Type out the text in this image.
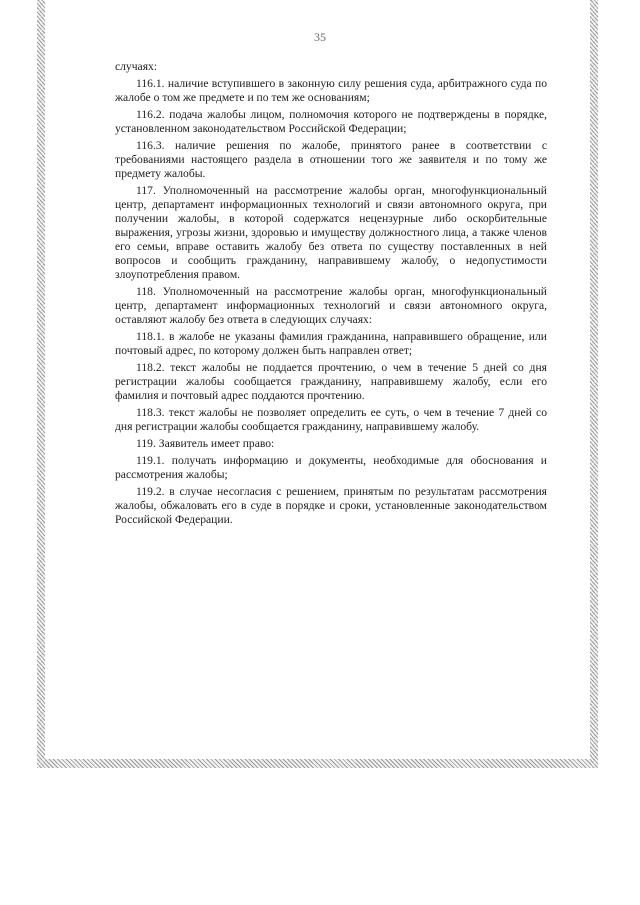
35

случаях:

116.1. наличие вступившего в законную силу решения суда, арбитражного суда по жалобе о том же предмете и по тем же основаниям;

116.2. подача жалобы лицом, полномочия которого не подтверждены в порядке, установленном законодательством Российской Федерации;

116.3. наличие решения по жалобе, принятого ранее в соответствии с требованиями настоящего раздела в отношении того же заявителя и по тому же предмету жалобы.

117. Уполномоченный на рассмотрение жалобы орган, многофункциональный центр, департамент информационных технологий и связи автономного округа, при получении жалобы, в которой содержатся нецензурные либо оскорбительные выражения, угрозы жизни, здоровью и имуществу должностного лица, а также членов его семьи, вправе оставить жалобу без ответа по существу поставленных в ней вопросов и сообщить гражданину, направившему жалобу, о недопустимости злоупотребления правом.

118. Уполномоченный на рассмотрение жалобы орган, многофункциональный центр, департамент информационных технологий и связи автономного округа, оставляют жалобу без ответа в следующих случаях:

118.1. в жалобе не указаны фамилия гражданина, направившего обращение, или почтовый адрес, по которому должен быть направлен ответ;

118.2. текст жалобы не поддается прочтению, о чем в течение 5 дней со дня регистрации жалобы сообщается гражданину, направившему жалобу, если его фамилия и почтовый адрес поддаются прочтению.

118.3. текст жалобы не позволяет определить ее суть, о чем в течение 7 дней со дня регистрации жалобы сообщается гражданину, направившему жалобу.

119. Заявитель имеет право:

119.1. получать информацию и документы, необходимые для обоснования и рассмотрения жалобы;

119.2. в случае несогласия с решением, принятым по результатам рассмотрения жалобы, обжаловать его в суде в порядке и сроки, установленные законодательством Российской Федерации.
